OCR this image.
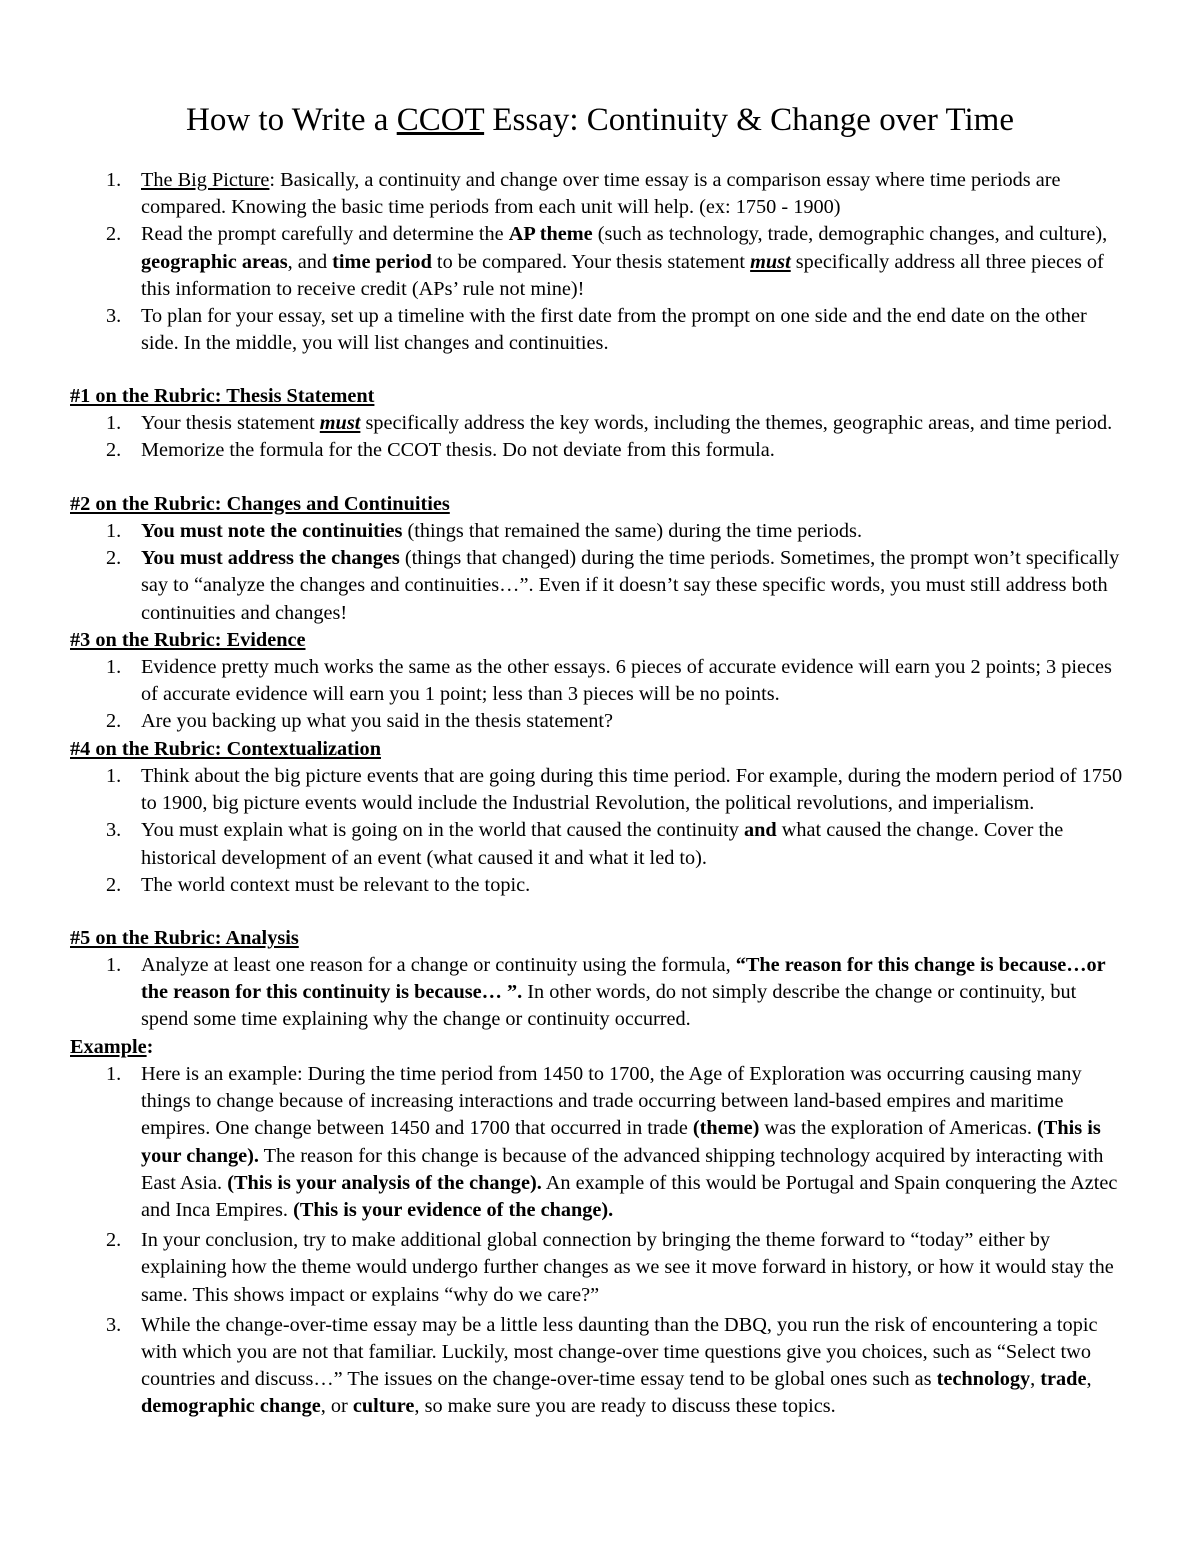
How to Write a CCOT Essay: Continuity & Change over Time
1. The Big Picture: Basically, a continuity and change over time essay is a comparison essay where time periods are compared. Knowing the basic time periods from each unit will help. (ex: 1750 - 1900)
2. Read the prompt carefully and determine the AP theme (such as technology, trade, demographic changes, and culture), geographic areas, and time period to be compared. Your thesis statement must specifically address all three pieces of this information to receive credit (APs’ rule not mine)!
3. To plan for your essay, set up a timeline with the first date from the prompt on one side and the end date on the other side. In the middle, you will list changes and continuities.
#1 on the Rubric: Thesis Statement
1. Your thesis statement must specifically address the key words, including the themes, geographic areas, and time period.
2. Memorize the formula for the CCOT thesis. Do not deviate from this formula.
#2 on the Rubric: Changes and Continuities
1. You must note the continuities (things that remained the same) during the time periods.
2. You must address the changes (things that changed) during the time periods. Sometimes, the prompt won’t specifically say to “analyze the changes and continuities…”. Even if it doesn’t say these specific words, you must still address both continuities and changes!
#3 on the Rubric: Evidence
1. Evidence pretty much works the same as the other essays. 6 pieces of accurate evidence will earn you 2 points; 3 pieces of accurate evidence will earn you 1 point; less than 3 pieces will be no points.
2. Are you backing up what you said in the thesis statement?
#4 on the Rubric: Contextualization
1. Think about the big picture events that are going during this time period. For example, during the modern period of 1750 to 1900, big picture events would include the Industrial Revolution, the political revolutions, and imperialism.
3. You must explain what is going on in the world that caused the continuity and what caused the change. Cover the historical development of an event (what caused it and what it led to).
2. The world context must be relevant to the topic.
#5 on the Rubric: Analysis
1. Analyze at least one reason for a change or continuity using the formula, “The reason for this change is because…or the reason for this continuity is because… ”. In other words, do not simply describe the change or continuity, but spend some time explaining why the change or continuity occurred.
Example:
1. Here is an example: During the time period from 1450 to 1700, the Age of Exploration was occurring causing many things to change because of increasing interactions and trade occurring between land-based empires and maritime empires. One change between 1450 and 1700 that occurred in trade (theme) was the exploration of Americas. (This is your change). The reason for this change is because of the advanced shipping technology acquired by interacting with East Asia. (This is your analysis of the change). An example of this would be Portugal and Spain conquering the Aztec and Inca Empires. (This is your evidence of the change).
2. In your conclusion, try to make additional global connection by bringing the theme forward to “today” either by explaining how the theme would undergo further changes as we see it move forward in history, or how it would stay the same. This shows impact or explains “why do we care?”
3. While the change-over-time essay may be a little less daunting than the DBQ, you run the risk of encountering a topic with which you are not that familiar. Luckily, most change-over time questions give you choices, such as “Select two countries and discuss…” The issues on the change-over-time essay tend to be global ones such as technology, trade, demographic change, or culture, so make sure you are ready to discuss these topics.
